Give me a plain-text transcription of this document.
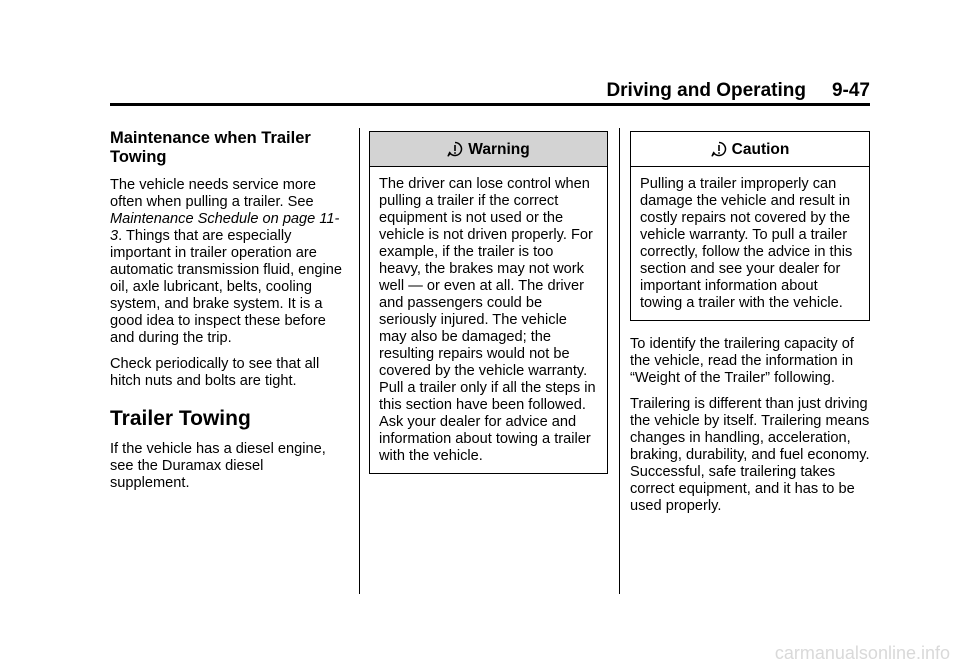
Driving and Operating 9-47
Maintenance when Trailer Towing

The vehicle needs service more often when pulling a trailer. See Maintenance Schedule on page 11-3. Things that are especially important in trailer operation are automatic transmission fluid, engine oil, axle lubricant, belts, cooling system, and brake system. It is a good idea to inspect these before and during the trip.

Check periodically to see that all hitch nuts and bolts are tight.

Trailer Towing

If the vehicle has a diesel engine, see the Duramax diesel supplement.

Warning
The driver can lose control when pulling a trailer if the correct equipment is not used or the vehicle is not driven properly. For example, if the trailer is too heavy, the brakes may not work well — or even at all. The driver and passengers could be seriously injured. The vehicle may also be damaged; the resulting repairs would not be covered by the vehicle warranty. Pull a trailer only if all the steps in this section have been followed. Ask your dealer for advice and information about towing a trailer with the vehicle.
Caution
Pulling a trailer improperly can damage the vehicle and result in costly repairs not covered by the vehicle warranty. To pull a trailer correctly, follow the advice in this section and see your dealer for important information about towing a trailer with the vehicle.

To identify the trailering capacity of the vehicle, read the information in “Weight of the Trailer” following.

Trailering is different than just driving the vehicle by itself. Trailering means changes in handling, acceleration, braking, durability, and fuel economy. Successful, safe trailering takes correct equipment, and it has to be used properly.

carmanualsonline.info
